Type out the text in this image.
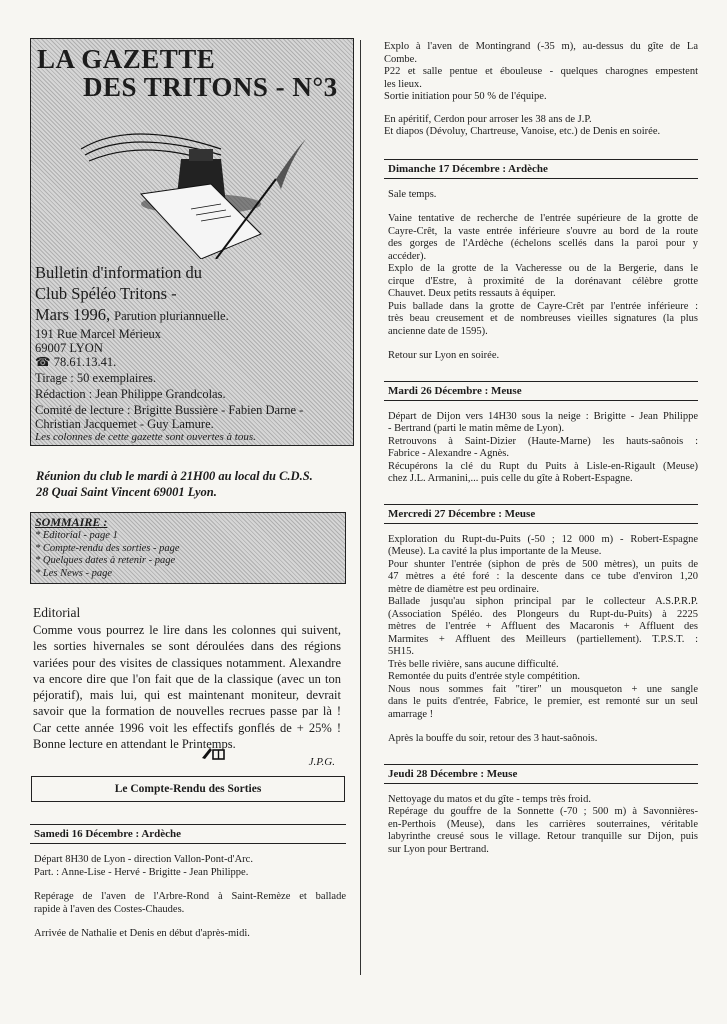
LA GAZETTE
DES TRITONS - N°3
Bulletin d'information du
Club Spéléo Tritons -
Mars 1996, Parution pluriannuelle.
191 Rue Marcel Mérieux
69007 LYON
☎ 78.61.13.41.
Tirage : 50 exemplaires.
Rédaction : Jean Philippe Grandcolas.
Comité de lecture : Brigitte Bussière - Fabien Darne -
Christian Jacquemet - Guy Lamure.
Les colonnes de cette gazette sont ouvertes à tous.
Réunion du club le mardi à 21H00 au local du C.D.S.
28 Quai Saint Vincent 69001 Lyon.
SOMMAIRE :
* Editorial - page 1
* Compte-rendu des sorties - page
* Quelques dates à retenir - page
* Les News - page
Editorial
Comme vous pourrez le lire dans les colonnes qui suivent,
les sorties hivernales se sont déroulées dans des régions
variées pour des visites de classiques notamment. Alexandre
va encore dire que l'on fait que de la classique (avec un ton
péjoratif), mais lui, qui est maintenant moniteur, devrait
savoir que la formation de nouvelles recrues passe par là !
Car cette année 1996 voit les effectifs gonflés de + 25% !
Bonne lecture en attendant le Printemps.
J.P.G.
Le Compte-Rendu des Sorties
Samedi 16 Décembre : Ardèche
Départ 8H30 de Lyon - direction Vallon-Pont-d'Arc.
Part. : Anne-Lise - Hervé - Brigitte - Jean Philippe.
Repérage de l'aven de l'Arbre-Rond à Saint-Remèze et ballade
rapide à l'aven des Costes-Chaudes.
Arrivée de Nathalie et Denis en début d'après-midi.
Explo à l'aven de Montingrand (-35 m), au-dessus du gîte de La
Combe.
P22 et salle pentue et ébouleuse - quelques charognes empestent
les lieux.
Sortie initiation pour 50 % de l'équipe.
En apéritif, Cerdon pour arroser les 38 ans de J.P.
Et diapos (Dévoluy, Chartreuse, Vanoise, etc.) de Denis en soirée.
Dimanche 17 Décembre : Ardèche
Sale temps.
Vaine tentative de recherche de l'entrée supérieure de la grotte de
Cayre-Crêt, la vaste entrée inférieure s'ouvre au bord de la route
des gorges de l'Ardèche (échelons scellés dans la paroi pour y
accéder).
Explo de la grotte de la Vacheresse ou de la Bergerie, dans le
cirque d'Estre, à proximité de la dorénavant célèbre grotte
Chauvet. Deux petits ressauts à équiper.
Puis ballade dans la grotte de Cayre-Crêt par l'entrée inférieure :
très beau creusement et de nombreuses vieilles signatures (la plus
ancienne date de 1595).
Retour sur Lyon en soirée.
Mardi 26 Décembre : Meuse
Départ de Dijon vers 14H30 sous la neige : Brigitte - Jean Philippe
- Bertrand (parti le matin même de Lyon).
Retrouvons à Saint-Dizier (Haute-Marne) les hauts-saônois :
Fabrice - Alexandre - Agnès.
Récupérons la clé du Rupt du Puits à Lisle-en-Rigault (Meuse)
chez J.L. Armanini,... puis celle du gîte à Robert-Espagne.
Mercredi 27 Décembre : Meuse
Exploration du Rupt-du-Puits (-50 ; 12 000 m) - Robert-Espagne
(Meuse). La cavité la plus importante de la Meuse.
Pour shunter l'entrée (siphon de près de 500 mètres), un puits de
47 mètres a été foré : la descente dans ce tube d'environ 1,20
mètre de diamètre est peu ordinaire.
Ballade jusqu'au siphon principal par le collecteur A.S.P.R.P.
(Association Spéléo. des Plongeurs du Rupt-du-Puits) à 2225
mètres de l'entrée + Affluent des Macaronis + Affluent des
Marmites + Affluent des Meilleurs (partiellement). T.P.S.T. :
5H15.
Très belle rivière, sans aucune difficulté.
Remontée du puits d'entrée style compétition.
Nous nous sommes fait "tirer" un mousqueton + une sangle
dans le puits d'entrée, Fabrice, le premier, est remonté sur un seul
amarrage !
Après la bouffe du soir, retour des 3 haut-saônois.
Jeudi 28 Décembre : Meuse
Nettoyage du matos et du gîte - temps très froid.
Repérage du gouffre de la Sonnette (-70 ; 500 m) à Savonnières-
en-Perthois (Meuse), dans les carrières souterraines, véritable
labyrinthe creusé sous le village. Retour tranquille sur Dijon, puis
sur Lyon pour Bertrand.
